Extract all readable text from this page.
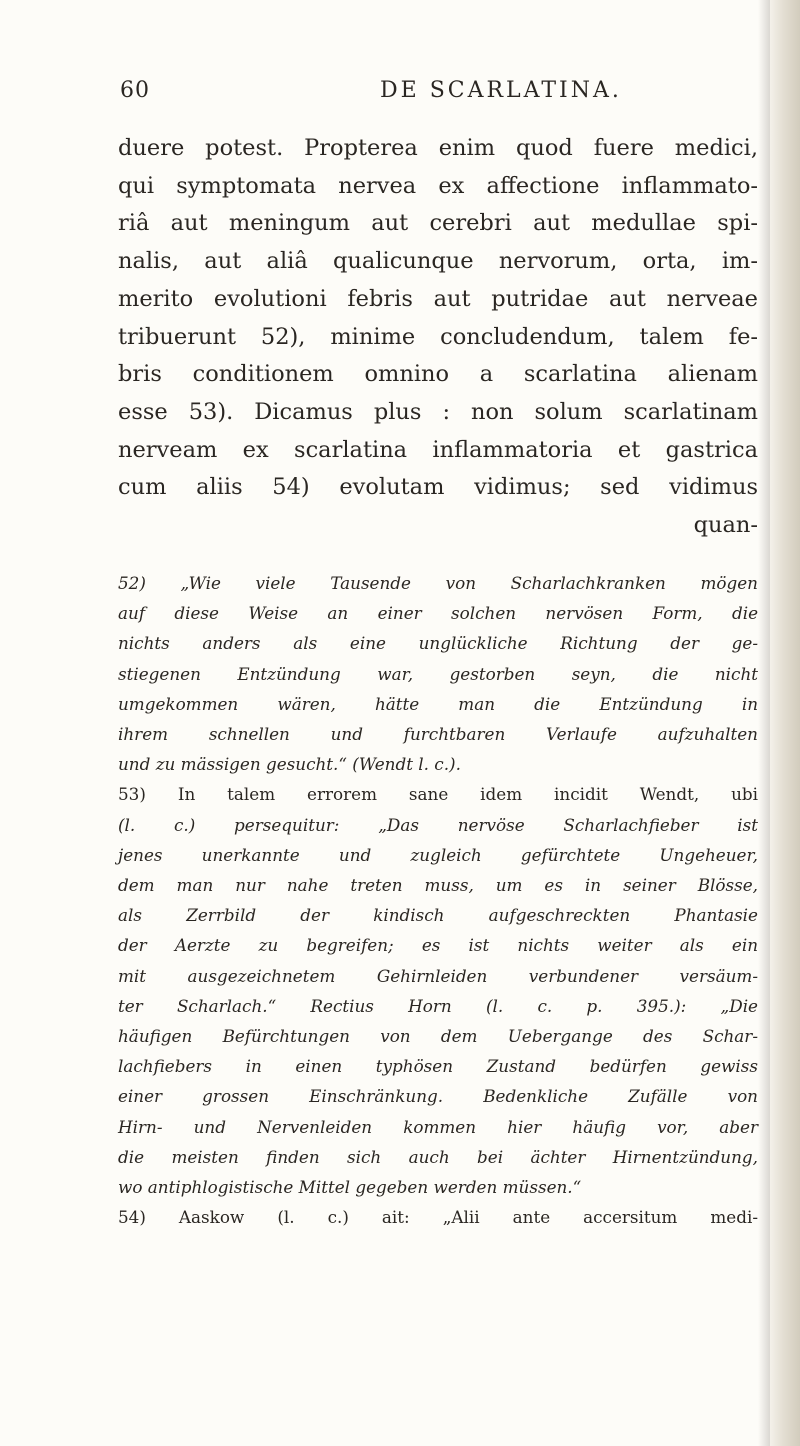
60	DE SCARLATINA.
duere potest. Propterea enim quod fuere medici,
qui symptomata nervea ex affectione inflammato-
riâ aut meningum aut cerebri aut medullae spi-
nalis, aut aliâ qualicunque nervorum, orta, im-
merito evolutioni febris aut putridae aut nerveae
tribuerunt 52), minime concludendum, talem fe-
bris conditionem omnino a scarlatina alienam
esse 53). Dicamus plus : non solum scarlatinam
nerveam ex scarlatina inflammatoria et gastrica
cum aliis 54) evolutam vidimus; sed vidimus
quan-
52) „Wie viele Tausende von Scharlachkranken mögen
auf diese Weise an einer solchen nervösen Form, die
nichts anders als eine unglückliche Richtung der ge-
stiegenen Entzündung war, gestorben seyn, die nicht
umgekommen wären, hätte man die Entzündung in
ihrem schnellen und furchtbaren Verlaufe aufzuhalten
und zu mässigen gesucht.“ (Wendt l. c.).
53) In talem errorem sane idem incidit Wendt, ubi
(l. c.) persequitur: „Das nervöse Scharlachfieber ist
jenes unerkannte und zugleich gefürchtete Ungeheuer,
dem man nur nahe treten muss, um es in seiner Blösse,
als Zerrbild der kindisch aufgeschreckten Phantasie
der Aerzte zu begreifen; es ist nichts weiter als ein
mit ausgezeichnetem Gehirnleiden verbundener versäum-
ter Scharlach.“ Rectius Horn (l. c. p. 395.): „Die
häufigen Befürchtungen von dem Uebergange des Schar-
lachfiebers in einen typhösen Zustand bedürfen gewiss
einer grossen Einschränkung. Bedenkliche Zufälle von
Hirn- und Nervenleiden kommen hier häufig vor, aber
die meisten finden sich auch bei ächter Hirnentzündung,
wo antiphlogistische Mittel gegeben werden müssen.“
54) Aaskow (l. c.) ait: „Alii ante accersitum medi-
